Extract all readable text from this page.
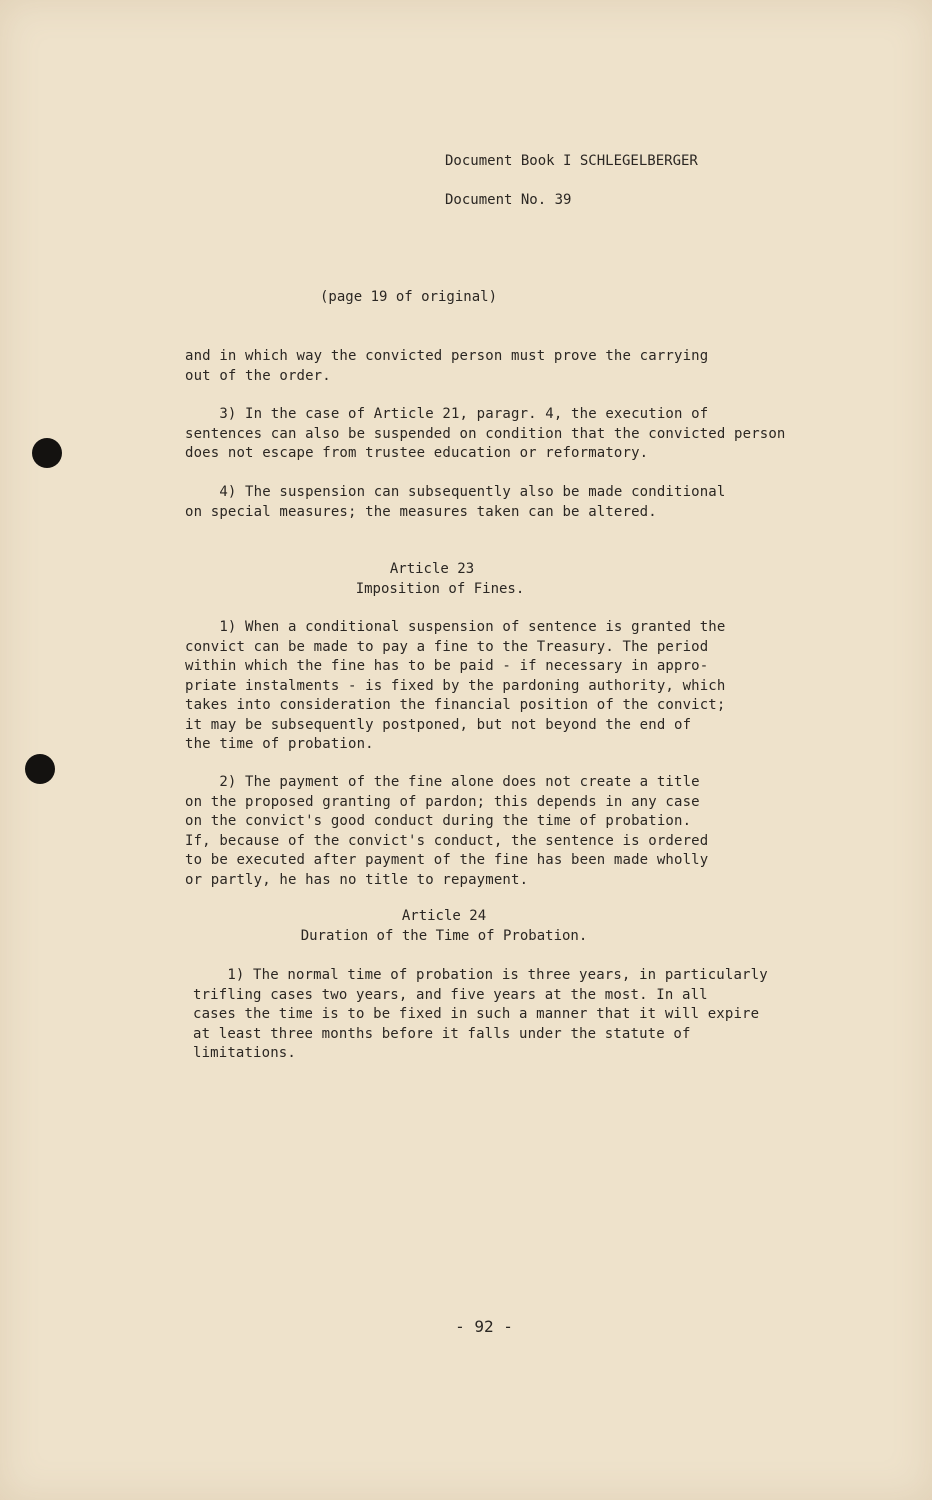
Document Book I SCHLEGELBERGER
Document No. 39
(page 19 of original)
and in which way the convicted person must prove the carrying
out of the order.
3) In the case of Article 21, paragr. 4, the execution of
sentences can also be suspended on condition that the convicted person
does not escape from trustee education or reformatory.
4) The suspension can subsequently also be made conditional
on special measures; the measures taken can be altered.
Article 23
Imposition of Fines.
1) When a conditional suspension of sentence is granted the
convict can be made to pay a fine to the Treasury. The period
within which the fine has to be paid - if necessary in appro-
priate instalments - is fixed by the pardoning authority, which
takes into consideration the financial position of the convict;
it may be subsequently postponed, but not beyond the end of
the time of probation.
2) The payment of the fine alone does not create a title
on the proposed granting of pardon; this depends in any case
on the convict's good conduct during the time of probation.
If, because of the convict's conduct, the sentence is ordered
to be executed after payment of the fine has been made wholly
or partly, he has no title to repayment.
Article 24
Duration of the Time of Probation.
1) The normal time of probation is three years, in particularly
trifling cases two years, and five years at the most. In all
cases the time is to be fixed in such a manner that it will expire
at least three months before it falls under the statute of
limitations.
- 92 -
